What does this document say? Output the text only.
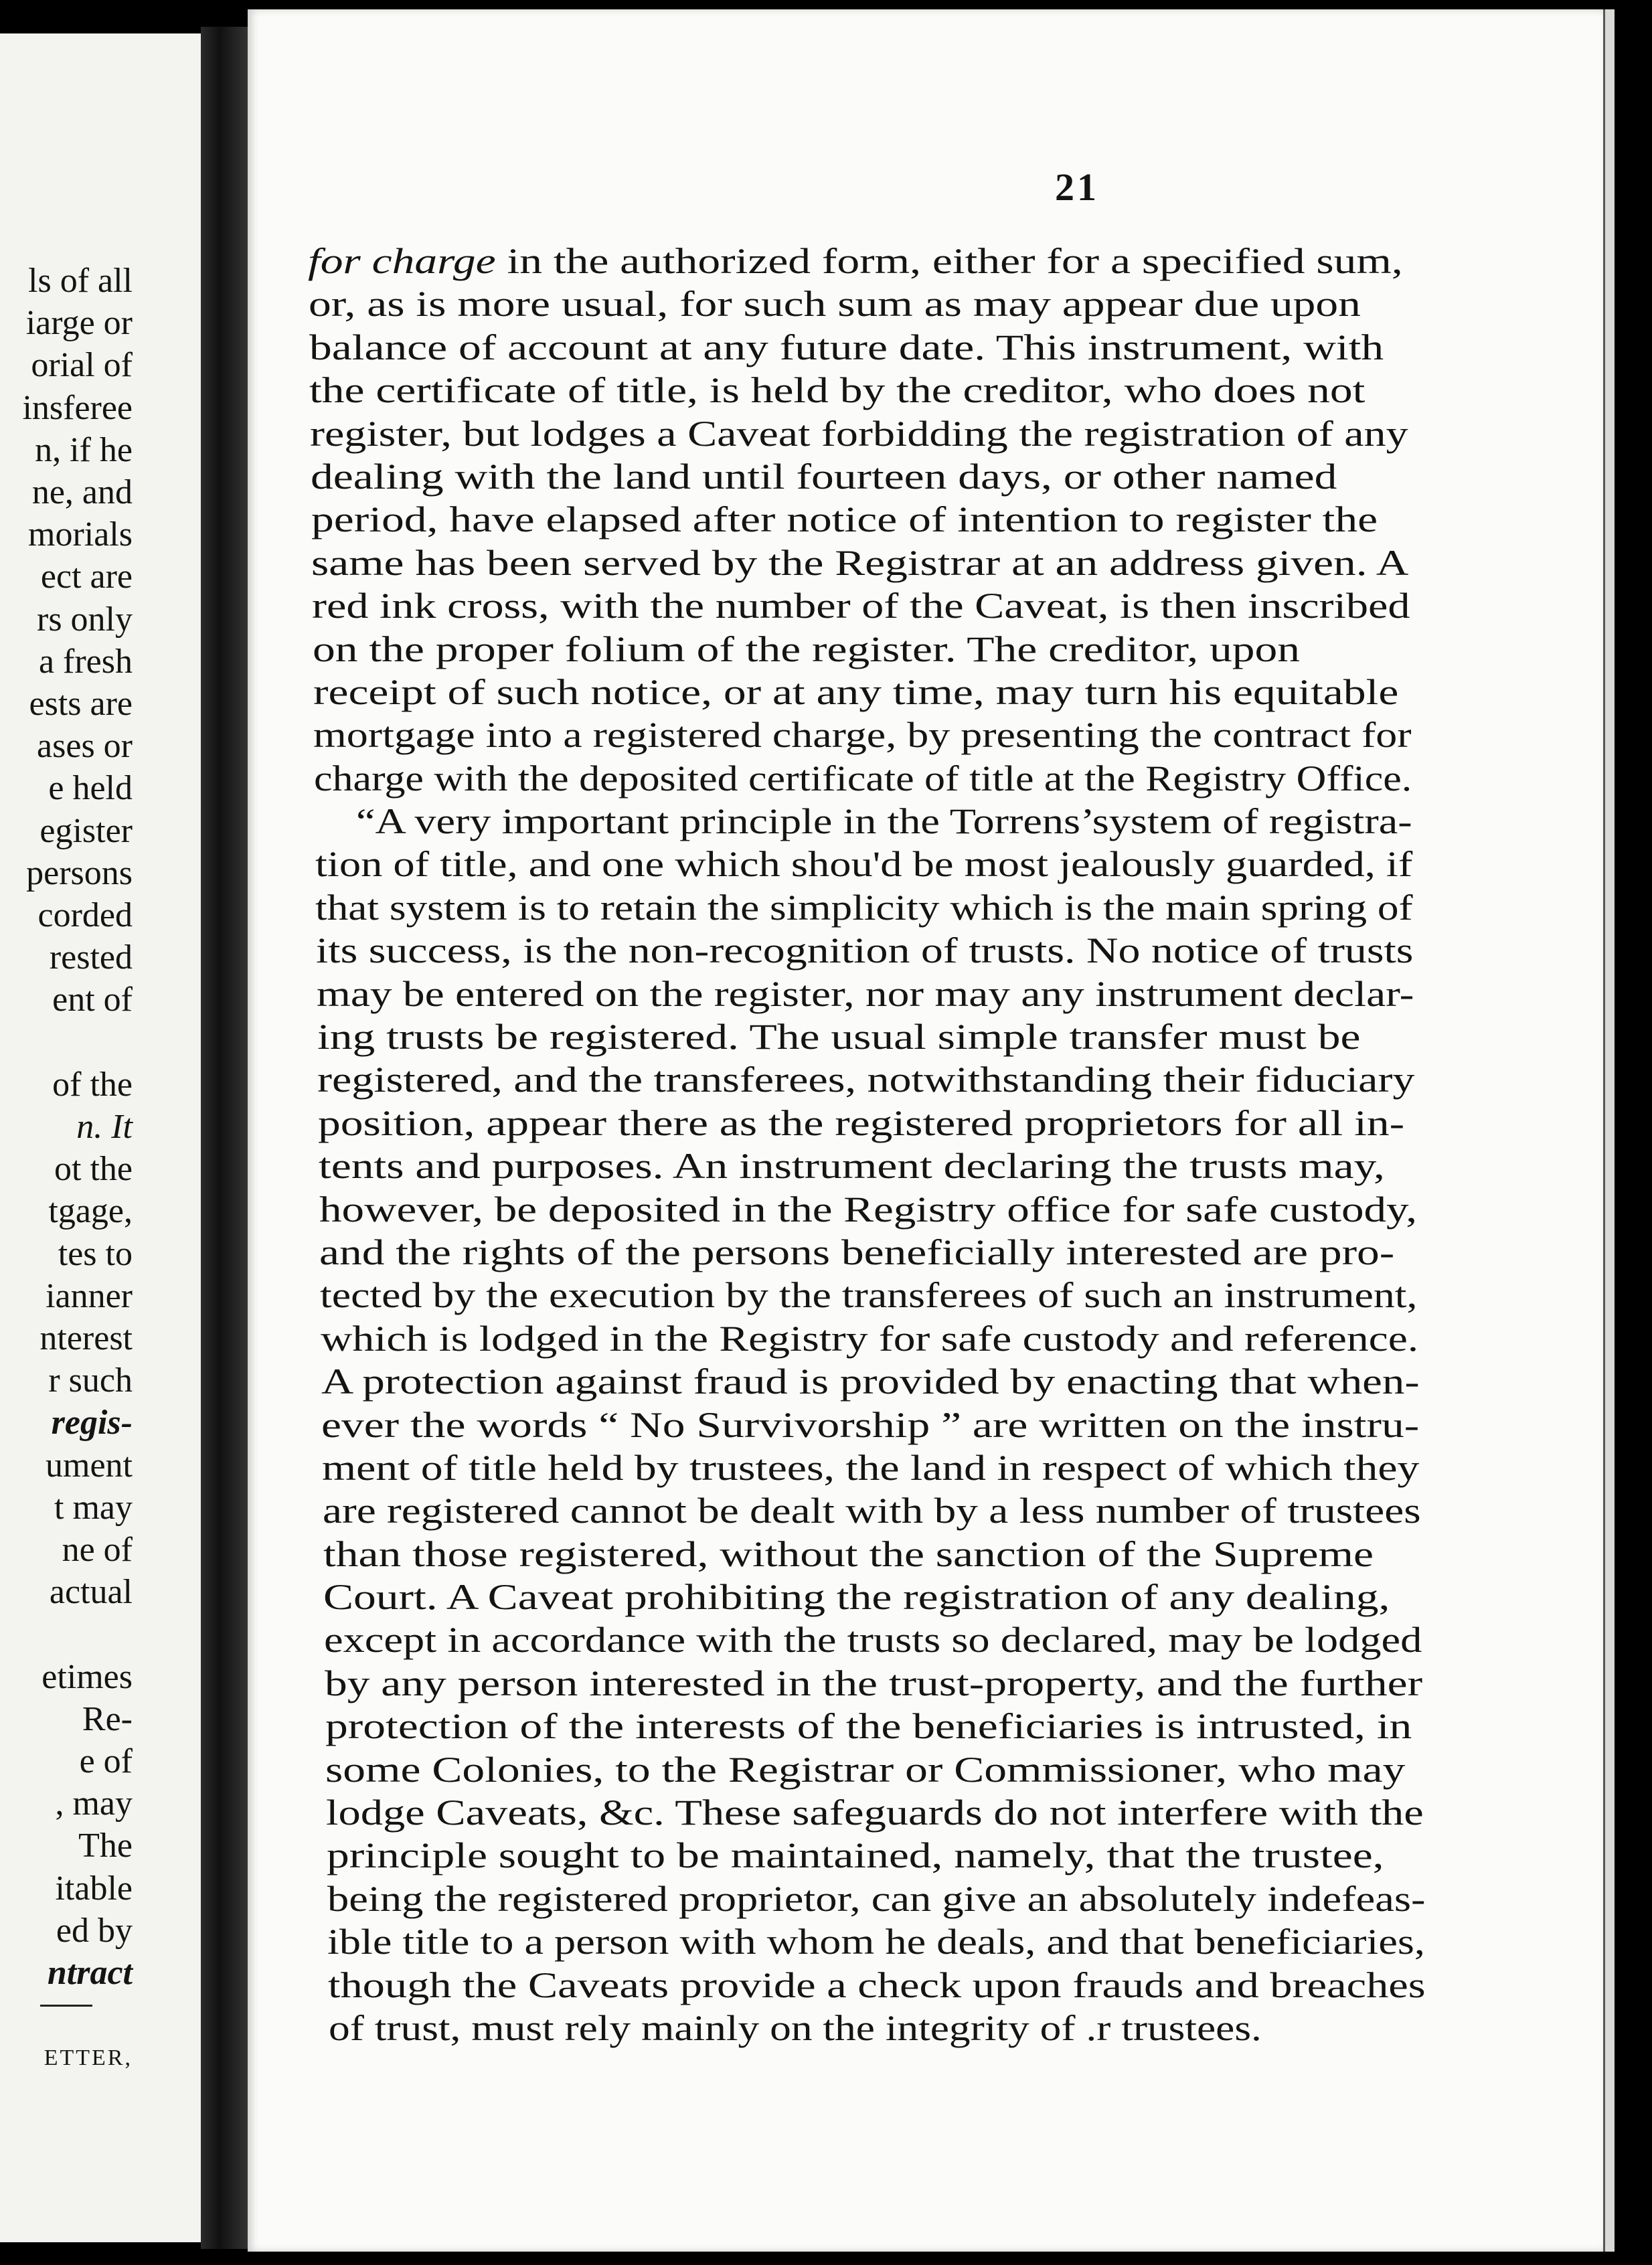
ls of all
iarge or
orial of
insferee
n, if he
ne, and
morials
ect are
rs only
a fresh
ests are
ases or
e held
egister
persons
corded
rested
ent of
of the
n. It
ot the
tgage,
tes to
ianner
nterest
r such
regis-
ument
t may
ne of
actual
etimes
Re-
e of
, may
The
itable
ed by
ntract
ETTER,
21
for charge in the authorized form, either for a specified sum,
or, as is more usual, for such sum as may appear due upon
balance of account at any future date. This instrument, with
the certificate of title, is held by the creditor, who does not
register, but lodges a Caveat forbidding the registration of any
dealing with the land until fourteen days, or other named
period, have elapsed after notice of intention to register the
same has been served by the Registrar at an address given. A
red ink cross, with the number of the Caveat, is then inscribed
on the proper folium of the register. The creditor, upon
receipt of such notice, or at any time, may turn his equitable
mortgage into a registered charge, by presenting the contract for
charge with the deposited certificate of title at the Registry Office.
“A very important principle in the Torrens’system of registra-
tion of title, and one which shou'd be most jealously guarded, if
that system is to retain the simplicity which is the main spring of
its success, is the non-recognition of trusts. No notice of trusts
may be entered on the register, nor may any instrument declar-
ing trusts be registered. The usual simple transfer must be
registered, and the transferees, notwithstanding their fiduciary
position, appear there as the registered proprietors for all in-
tents and purposes. An instrument declaring the trusts may,
however, be deposited in the Registry office for safe custody,
and the rights of the persons beneficially interested are pro-
tected by the execution by the transferees of such an instrument,
which is lodged in the Registry for safe custody and reference.
A protection against fraud is provided by enacting that when-
ever the words “ No Survivorship ” are written on the instru-
ment of title held by trustees, the land in respect of which they
are registered cannot be dealt with by a less number of trustees
than those registered, without the sanction of the Supreme
Court. A Caveat prohibiting the registration of any dealing,
except in accordance with the trusts so declared, may be lodged
by any person interested in the trust-property, and the further
protection of the interests of the beneficiaries is intrusted, in
some Colonies, to the Registrar or Commissioner, who may
lodge Caveats, &c. These safeguards do not interfere with the
principle sought to be maintained, namely, that the trustee,
being the registered proprietor, can give an absolutely indefeas-
ible title to a person with whom he deals, and that beneficiaries,
though the Caveats provide a check upon frauds and breaches
of trust, must rely mainly on the integrity of .r trustees.
